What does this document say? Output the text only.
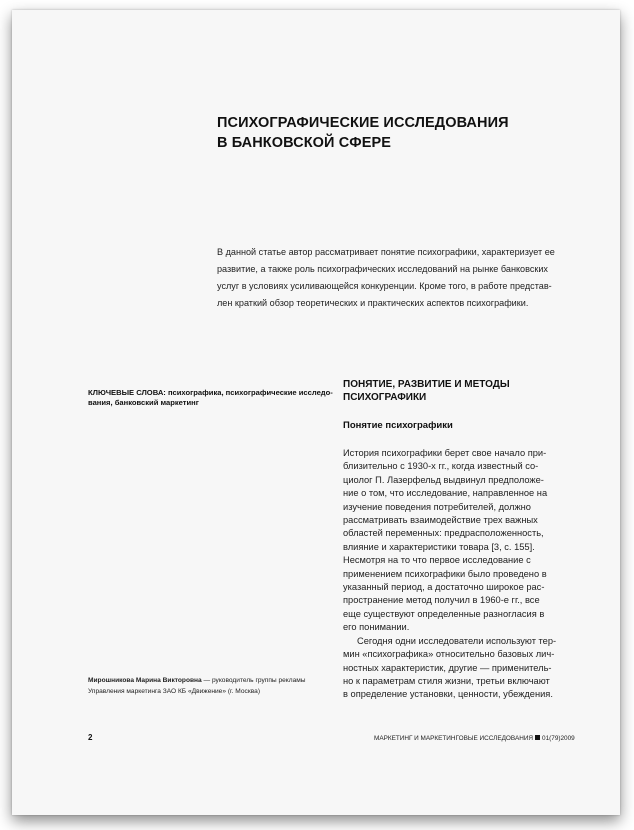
ПСИХОГРАФИЧЕСКИЕ ИССЛЕДОВАНИЯ
В БАНКОВСКОЙ СФЕРЕ

В данной статье автор рассматривает понятие психографики, характеризует ее
развитие, а также роль психографических исследований на рынке банковских
услуг в условиях усиливающейся конкуренции. Кроме того, в работе представ-
лен краткий обзор теоретических и практических аспектов психографики.

КЛЮЧЕВЫЕ СЛОВА: психографика, психографические исследо-
вания, банковский маркетинг

ПОНЯТИЕ, РАЗВИТИЕ И МЕТОДЫ
ПСИХОГРАФИКИ
Понятие психографики

История психографики берет свое начало при-
близительно с 1930-х гг., когда известный со-
циолог П. Лазерфельд выдвинул предположе-
ние о том, что исследование, направленное на
изучение поведения потребителей, должно
рассматривать взаимодействие трех важных
областей переменных: предрасположенность,
влияние и характеристики товара [3, с. 155].
Несмотря на то что первое исследование с
применением психографики было проведено в
указанный период, а достаточно широкое рас-
пространение метод получил в 1960-е гг., все
еще существуют определенные разногласия в
его понимании.
Сегодня одни исследователи используют тер-
мин «психографика» относительно базовых лич-
ностных характеристик, другие — применитель-
но к параметрам стиля жизни, третьи включают
в определение установки, ценности, убеждения.

Мирошникова Марина Викторовна — руководитель группы рекламы
Управления маркетинга ЗАО КБ «Движение» (г. Москва)

2	МАРКЕТИНГ И МАРКЕТИНГОВЫЕ ИССЛЕДОВАНИЯ 01(79)2009
